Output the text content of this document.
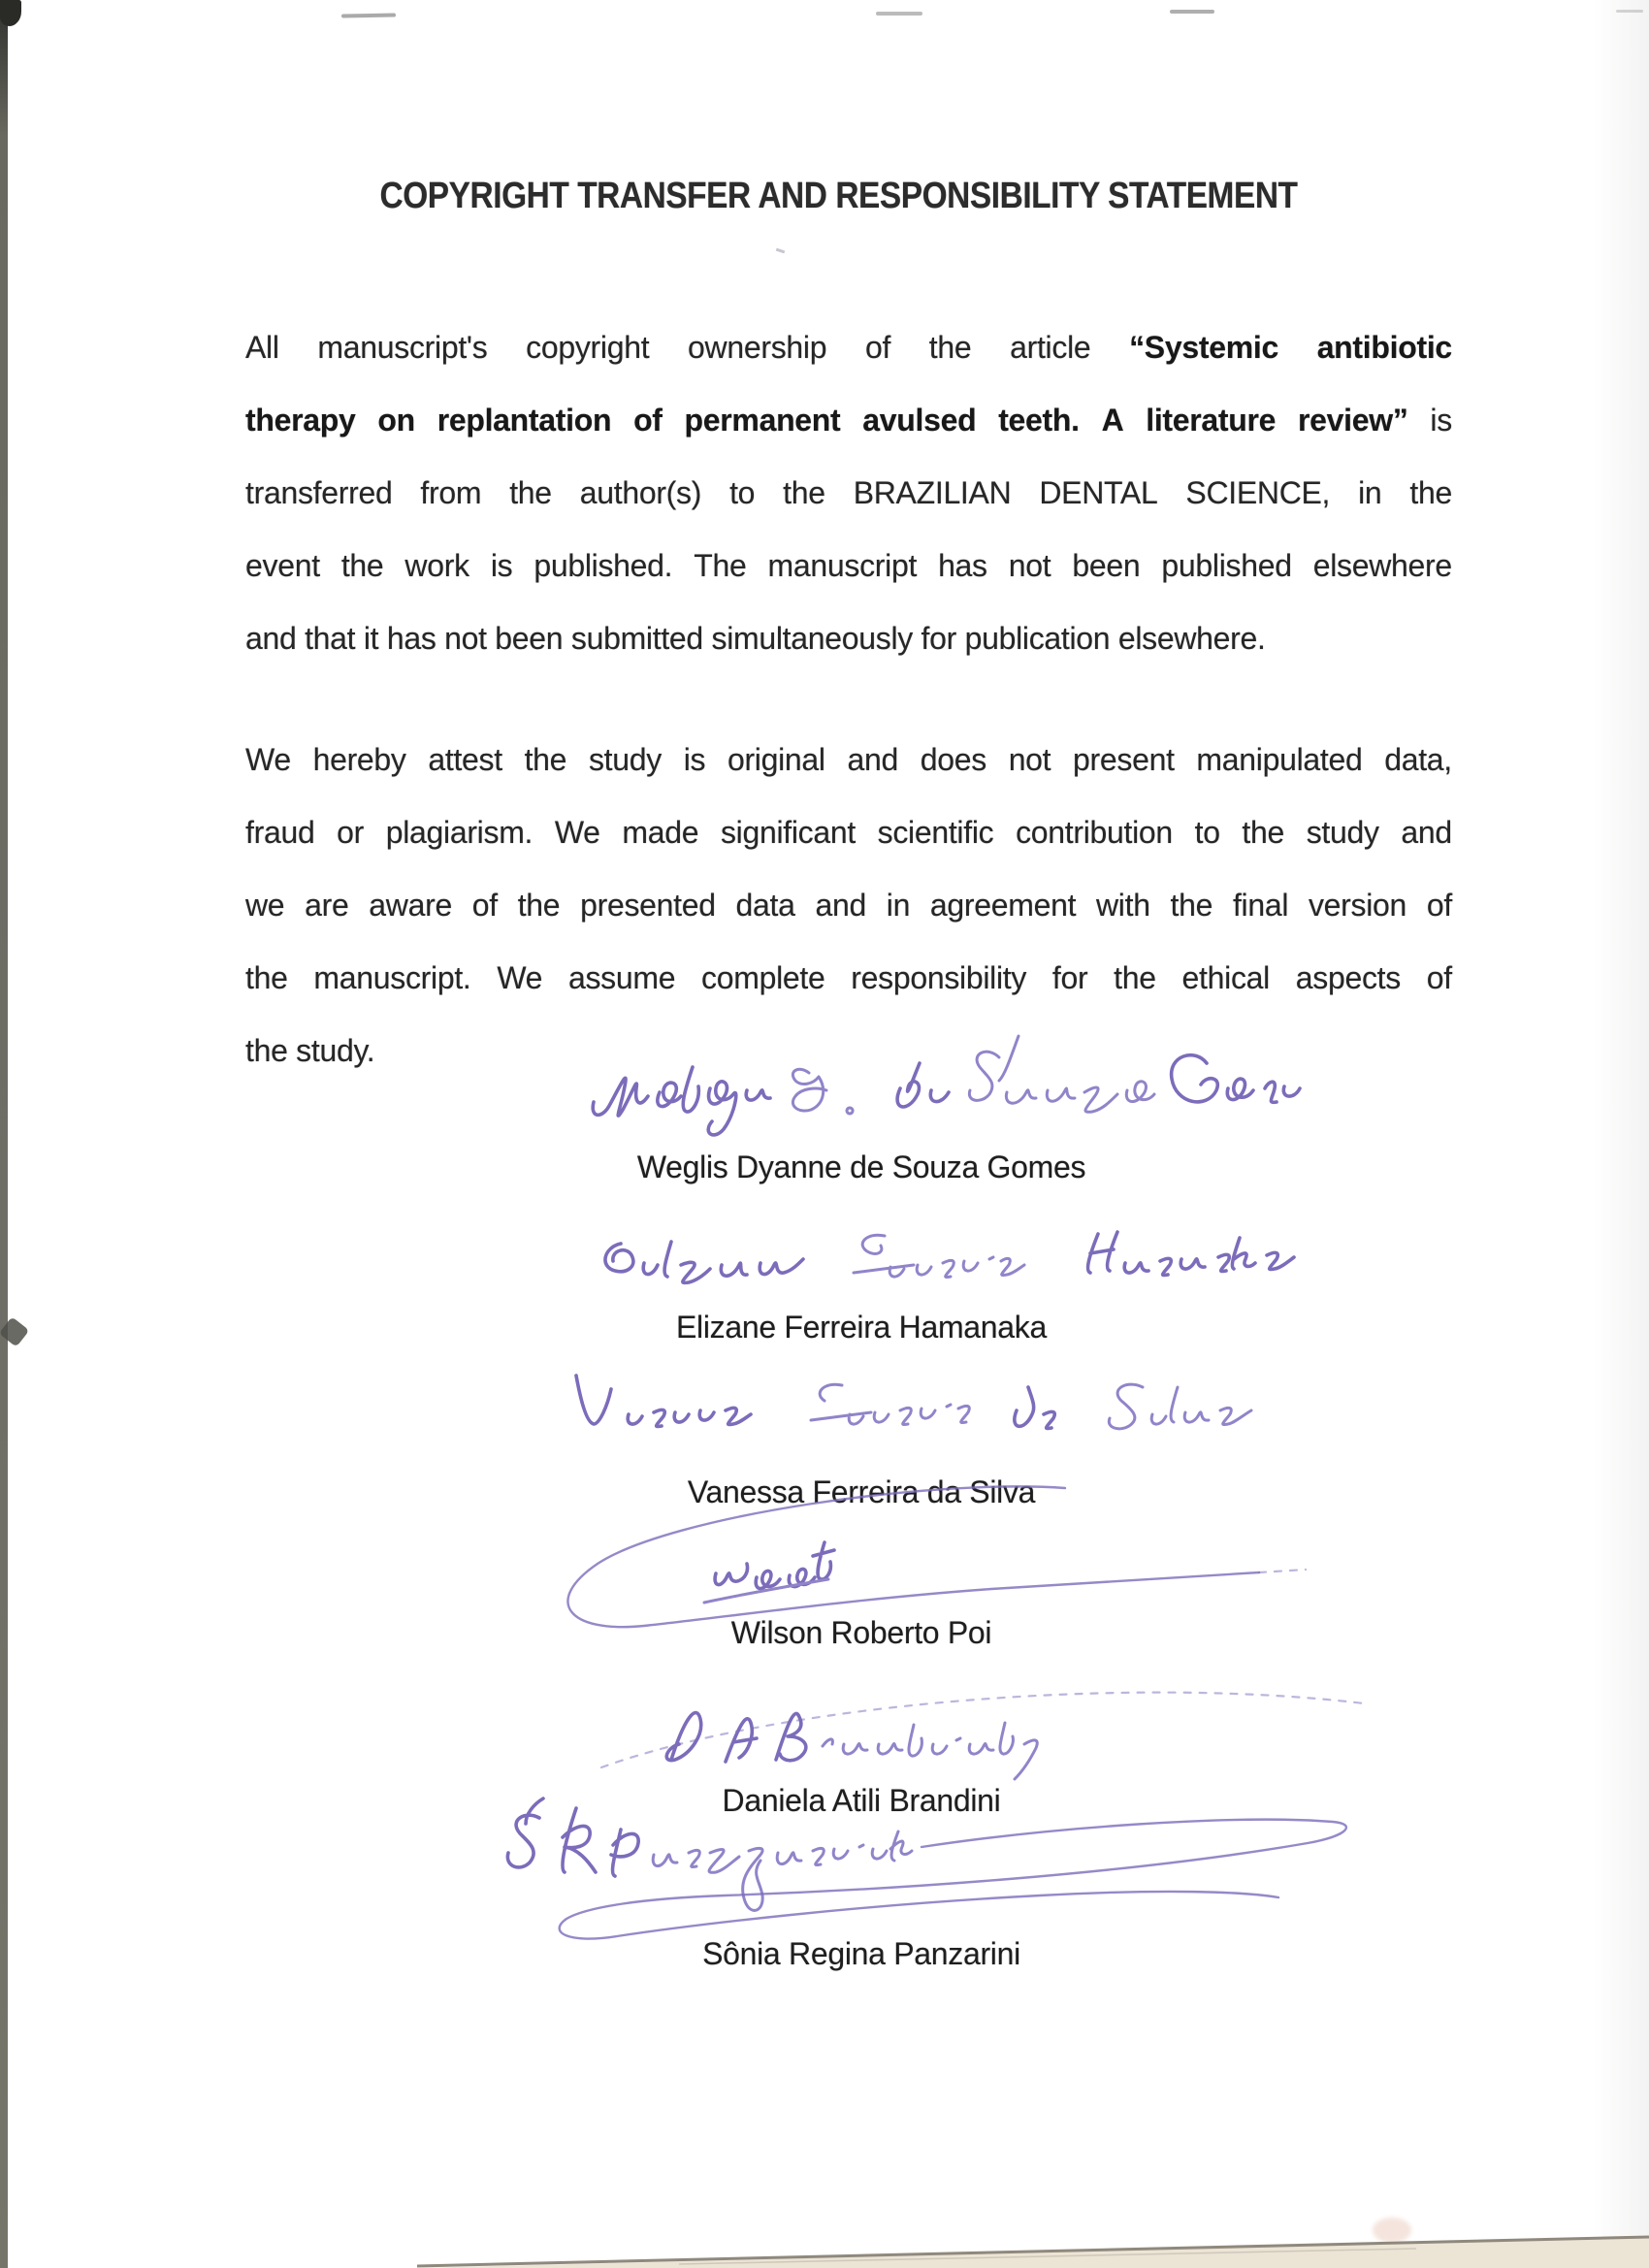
COPYRIGHT TRANSFER AND RESPONSIBILITY STATEMENT
All manuscript's copyright ownership of the article “Systemic antibiotic
therapy on replantation of permanent avulsed teeth. A literature review” is
transferred from the author(s) to the BRAZILIAN DENTAL SCIENCE, in the
event the work is published. The manuscript has not been published elsewhere
and that it has not been submitted simultaneously for publication elsewhere.
We hereby attest the study is original and does not present manipulated data,
fraud or plagiarism. We made significant scientific contribution to the study and
we are aware of the presented data and in agreement with the final version of
the manuscript. We assume complete responsibility for the ethical aspects of
the study.
Weglis Dyanne de Souza Gomes
Elizane Ferreira Hamanaka
Vanessa Ferreira da Silva
Wilson Roberto Poi
Daniela Atili Brandini
Sônia Regina Panzarini
